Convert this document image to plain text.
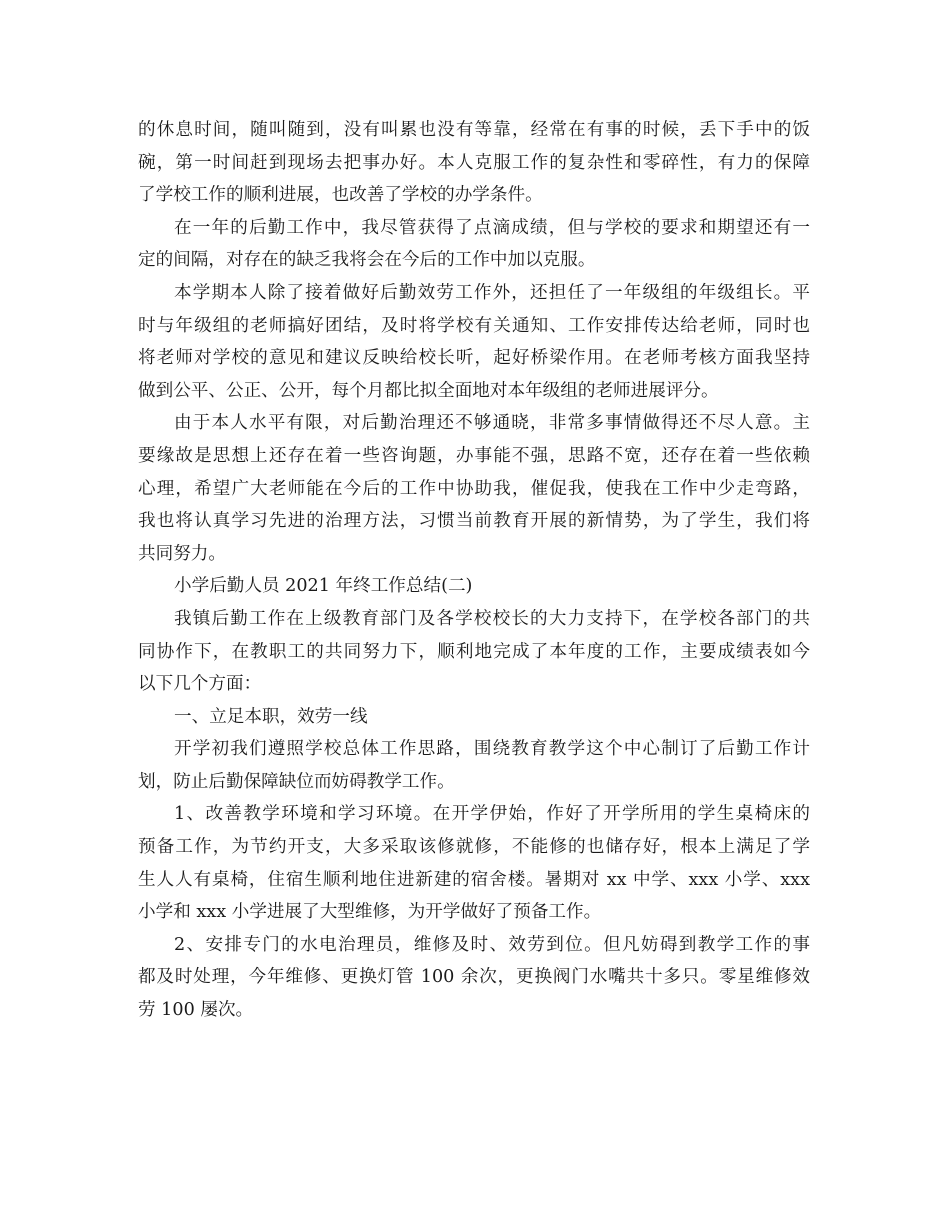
的休息时间，随叫随到，没有叫累也没有等靠，经常在有事的时候，丢下手中的饭
碗，第一时间赶到现场去把事办好。本人克服工作的复杂性和零碎性，有力的保障
了学校工作的顺利进展，也改善了学校的办学条件。
在一年的后勤工作中，我尽管获得了点滴成绩，但与学校的要求和期望还有一
定的间隔，对存在的缺乏我将会在今后的工作中加以克服。
本学期本人除了接着做好后勤效劳工作外，还担任了一年级组的年级组长。平
时与年级组的老师搞好团结，及时将学校有关通知、工作安排传达给老师，同时也
将老师对学校的意见和建议反映给校长听，起好桥梁作用。在老师考核方面我坚持
做到公平、公正、公开，每个月都比拟全面地对本年级组的老师进展评分。
由于本人水平有限，对后勤治理还不够通晓，非常多事情做得还不尽人意。主
要缘故是思想上还存在着一些咨询题，办事能不强，思路不宽，还存在着一些依赖
心理，希望广大老师能在今后的工作中协助我，催促我，使我在工作中少走弯路，
我也将认真学习先进的治理方法，习惯当前教育开展的新情势，为了学生，我们将
共同努力。
小学后勤人员 2021 年终工作总结(二)
我镇后勤工作在上级教育部门及各学校校长的大力支持下，在学校各部门的共
同协作下，在教职工的共同努力下，顺利地完成了本年度的工作，主要成绩表如今
以下几个方面：
一、立足本职，效劳一线
开学初我们遵照学校总体工作思路，围绕教育教学这个中心制订了后勤工作计
划，防止后勤保障缺位而妨碍教学工作。
1、改善教学环境和学习环境。在开学伊始，作好了开学所用的学生桌椅床的
预备工作，为节约开支，大多采取该修就修，不能修的也储存好，根本上满足了学
生人人有桌椅，住宿生顺利地住进新建的宿舍楼。暑期对 xx 中学、xxx 小学、xxx
小学和 xxx 小学进展了大型维修，为开学做好了预备工作。
2、安排专门的水电治理员，维修及时、效劳到位。但凡妨碍到教学工作的事
都及时处理，今年维修、更换灯管 100 余次，更换阀门水嘴共十多只。零星维修效
劳 100 屡次。
